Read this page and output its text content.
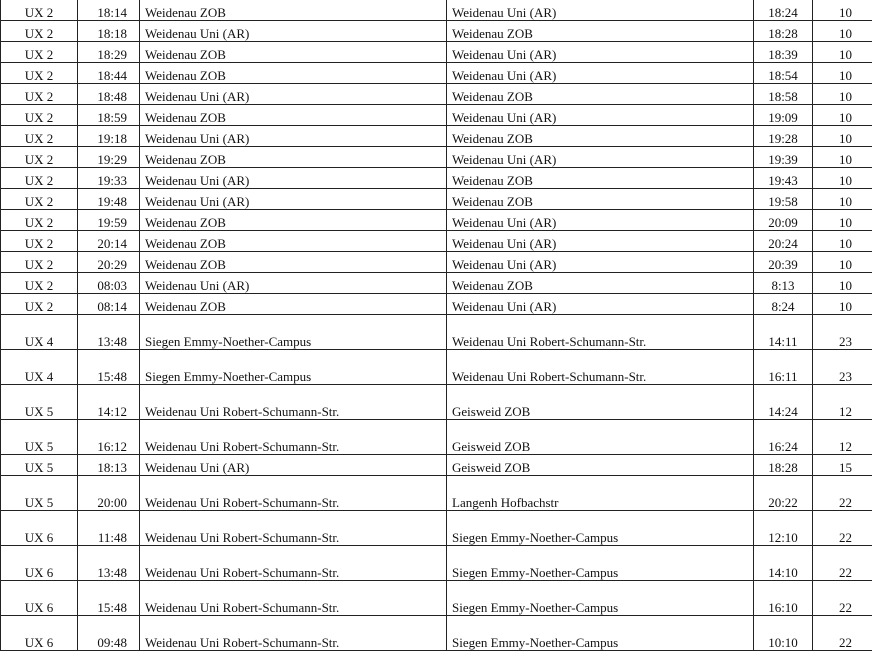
UX 2	18:14	Weidenau ZOB	Weidenau Uni (AR)	18:24	10

UX 2	18:18	Weidenau Uni (AR)	Weidenau ZOB	18:28	10

UX 2	18:29	Weidenau ZOB	Weidenau Uni (AR)	18:39	10

UX 2	18:44	Weidenau ZOB	Weidenau Uni (AR)	18:54	10

UX 2	18:48	Weidenau Uni (AR)	Weidenau ZOB	18:58	10

UX 2	18:59	Weidenau ZOB	Weidenau Uni (AR)	19:09	10

UX 2	19:18	Weidenau Uni (AR)	Weidenau ZOB	19:28	10

UX 2	19:29	Weidenau ZOB	Weidenau Uni (AR)	19:39	10

UX 2	19:33	Weidenau Uni (AR)	Weidenau ZOB	19:43	10

UX 2	19:48	Weidenau Uni (AR)	Weidenau ZOB	19:58	10

UX 2	19:59	Weidenau ZOB	Weidenau Uni (AR)	20:09	10

UX 2	20:14	Weidenau ZOB	Weidenau Uni (AR)	20:24	10

UX 2	20:29	Weidenau ZOB	Weidenau Uni (AR)	20:39	10

UX 2	08:03	Weidenau Uni (AR)	Weidenau ZOB	8:13	10

UX 2	08:14	Weidenau ZOB	Weidenau Uni (AR)	8:24	10

UX 4	13:48	Siegen Emmy-Noether-Campus	Weidenau Uni Robert-Schumann-Str.	14:11	23

UX 4	15:48	Siegen Emmy-Noether-Campus	Weidenau Uni Robert-Schumann-Str.	16:11	23

UX 5	14:12	Weidenau Uni Robert-Schumann-Str.	Geisweid ZOB	14:24	12

UX 5	16:12	Weidenau Uni Robert-Schumann-Str.	Geisweid ZOB	16:24	12

UX 5	18:13	Weidenau Uni (AR)	Geisweid ZOB	18:28	15

UX 5	20:00	Weidenau Uni Robert-Schumann-Str.	Langenh Hofbachstr	20:22	22

UX 6	11:48	Weidenau Uni Robert-Schumann-Str.	Siegen Emmy-Noether-Campus	12:10	22

UX 6	13:48	Weidenau Uni Robert-Schumann-Str.	Siegen Emmy-Noether-Campus	14:10	22

UX 6	15:48	Weidenau Uni Robert-Schumann-Str.	Siegen Emmy-Noether-Campus	16:10	22

UX 6	09:48	Weidenau Uni Robert-Schumann-Str.	Siegen Emmy-Noether-Campus	10:10	22
